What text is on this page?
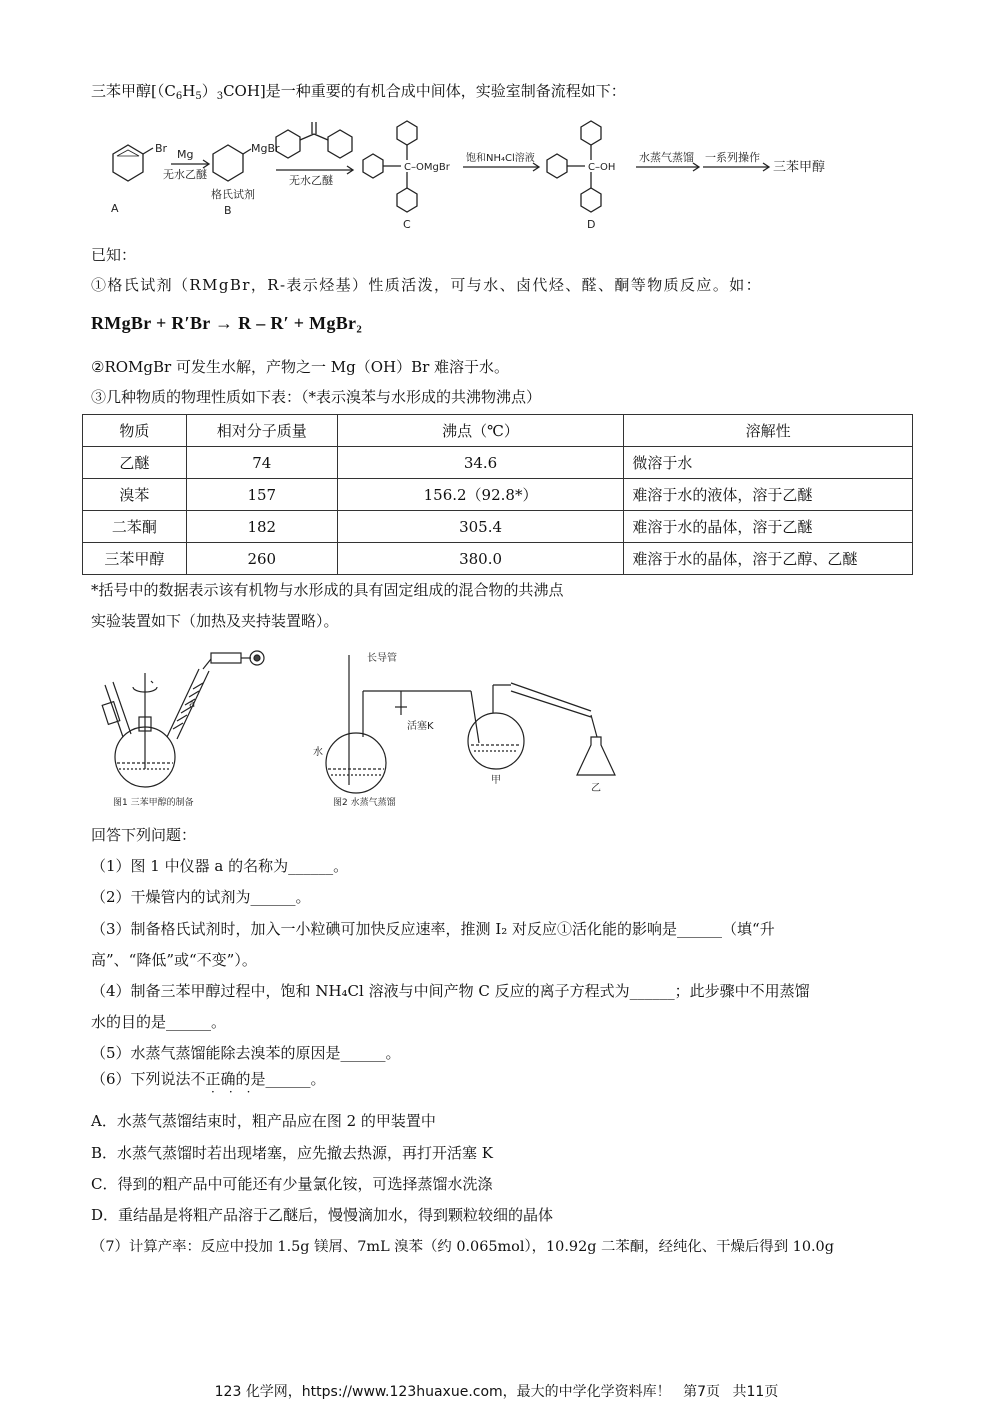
三苯甲醇$[(C_6H_5)_3COH]$是一种重要的有机合成中间体，实验室制备流程如下：
A
Br Mg
无水乙醚
MgBr
格氏试剂
B
无水乙醚
C–OMgBr
C
饱和NH₄Cl溶液
C–OH
D
水蒸气蒸馏 一系列操作
三苯甲醇
已知：
①格氏试剂（RMgBr，R-表示烃基）性质活泼，可与水、卤代烃、醛、酮等物质反应。如：
RMgBr + R′Br → R – R′ + MgBr₂
②ROMgBr 可发生水解，产物之一 Mg（OH）Br 难溶于水。
③几种物质的物理性质如下表：（*表示溴苯与水形成的共沸物沸点）
物质	相对分子质量	沸点（℃）	溶解性
乙醚	74	34.6	微溶于水
溴苯	157	156.2（92.8*）	难溶于水的液体，溶于乙醚
二苯酮	182	305.4	难溶于水的晶体，溶于乙醚
三苯甲醇	260	380.0	难溶于水的晶体，溶于乙醇、乙醚
*括号中的数据表示该有机物与水形成的具有固定组成的混合物的共沸点
实验装置如下（加热及夹持装置略）。
a
图1 三苯甲醇的制备
长导管
活塞K
水
甲
乙
图2 水蒸气蒸馏
回答下列问题：
（1）图 1 中仪器 a 的名称为______。
（2）干燥管内的试剂为______。
（3）制备格氏试剂时，加入一小粒碘可加快反应速率，推测 I₂ 对反应①活化能的影响是______（填“升
高”、“降低”或“不变”）。
（4）制备三苯甲醇过程中，饱和 NH₄Cl 溶液与中间产物 C 反应的离子方程式为______；此步骤中不用蒸馏
水的目的是______。
（5）水蒸气蒸馏能除去溴苯的原因是______。
（6）下列说法不正确的是______。
···
A．水蒸气蒸馏结束时，粗产品应在图 2 的甲装置中
B．水蒸气蒸馏时若出现堵塞，应先撤去热源，再打开活塞 K
C．得到的粗产品中可能还有少量氯化铵，可选择蒸馏水洗涤
D．重结晶是将粗产品溶于乙醚后，慢慢滴加水，得到颗粒较细的晶体
（7）计算产率：反应中投加 1.5g 镁屑、7mL 溴苯（约 0.065mol），10.92g 二苯酮，经纯化、干燥后得到 10.0g
123 化学网，https://www.123huaxue.com，最大的中学化学资料库！ 第7页 共11页
